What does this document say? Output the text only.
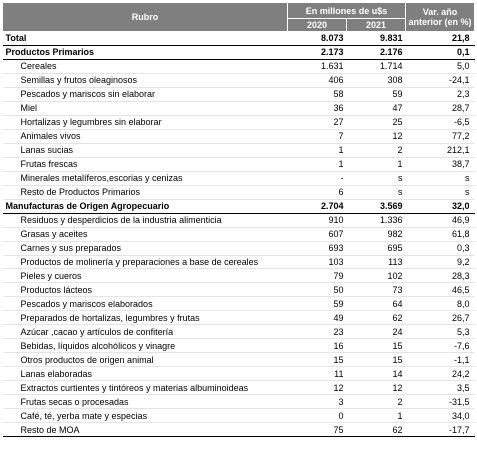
Rubro	En millones de u$s		Var. año anterior (en %)
	2020	2021	
Total	8.073	9.831	21,8
Productos Primarios	2.173	2.176	0,1
Cereales	1.631	1.714	5,0
Semillas y frutos oleaginosos	406	308	-24,1
Pescados y mariscos sin elaborar	58	59	2,3
Miel	36	47	28,7
Hortalizas y legumbres sin elaborar	27	25	-6,5
Animales vivos	7	12	77,2
Lanas sucias	1	2	212,1
Frutas frescas	1	1	38,7
Minerales metalíferos,escorias y cenizas	-	s	s
Resto de Productos Primarios	6	s	s
Manufacturas de Origen Agropecuario	2.704	3.569	32,0
Residuos y desperdicios de la industria alimenticia	910	1.336	46,9
Grasas y aceites	607	982	61,8
Carnes y sus preparados	693	695	0,3
Productos de molinería y preparaciones a base de cereales	103	113	9,2
Pieles y cueros	79	102	28,3
Productos lácteos	50	73	46,5
Pescados y mariscos elaborados	59	64	8,0
Preparados de hortalizas, legumbres y frutas	49	62	26,7
Azúcar ,cacao y artículos de confitería	23	24	5,3
Bebidas, líquidos alcohólicos y vinagre	16	15	-7,6
Otros productos de origen animal	15	15	-1,1
Lanas elaboradas	11	14	24,2
Extractos curtientes y tintóreos y materias albuminoideas	12	12	3,5
Frutas secas o procesadas	3	2	-31,5
Café, té, yerba mate y especias	0	1	34,0
Resto de MOA	75	62	-17,7
